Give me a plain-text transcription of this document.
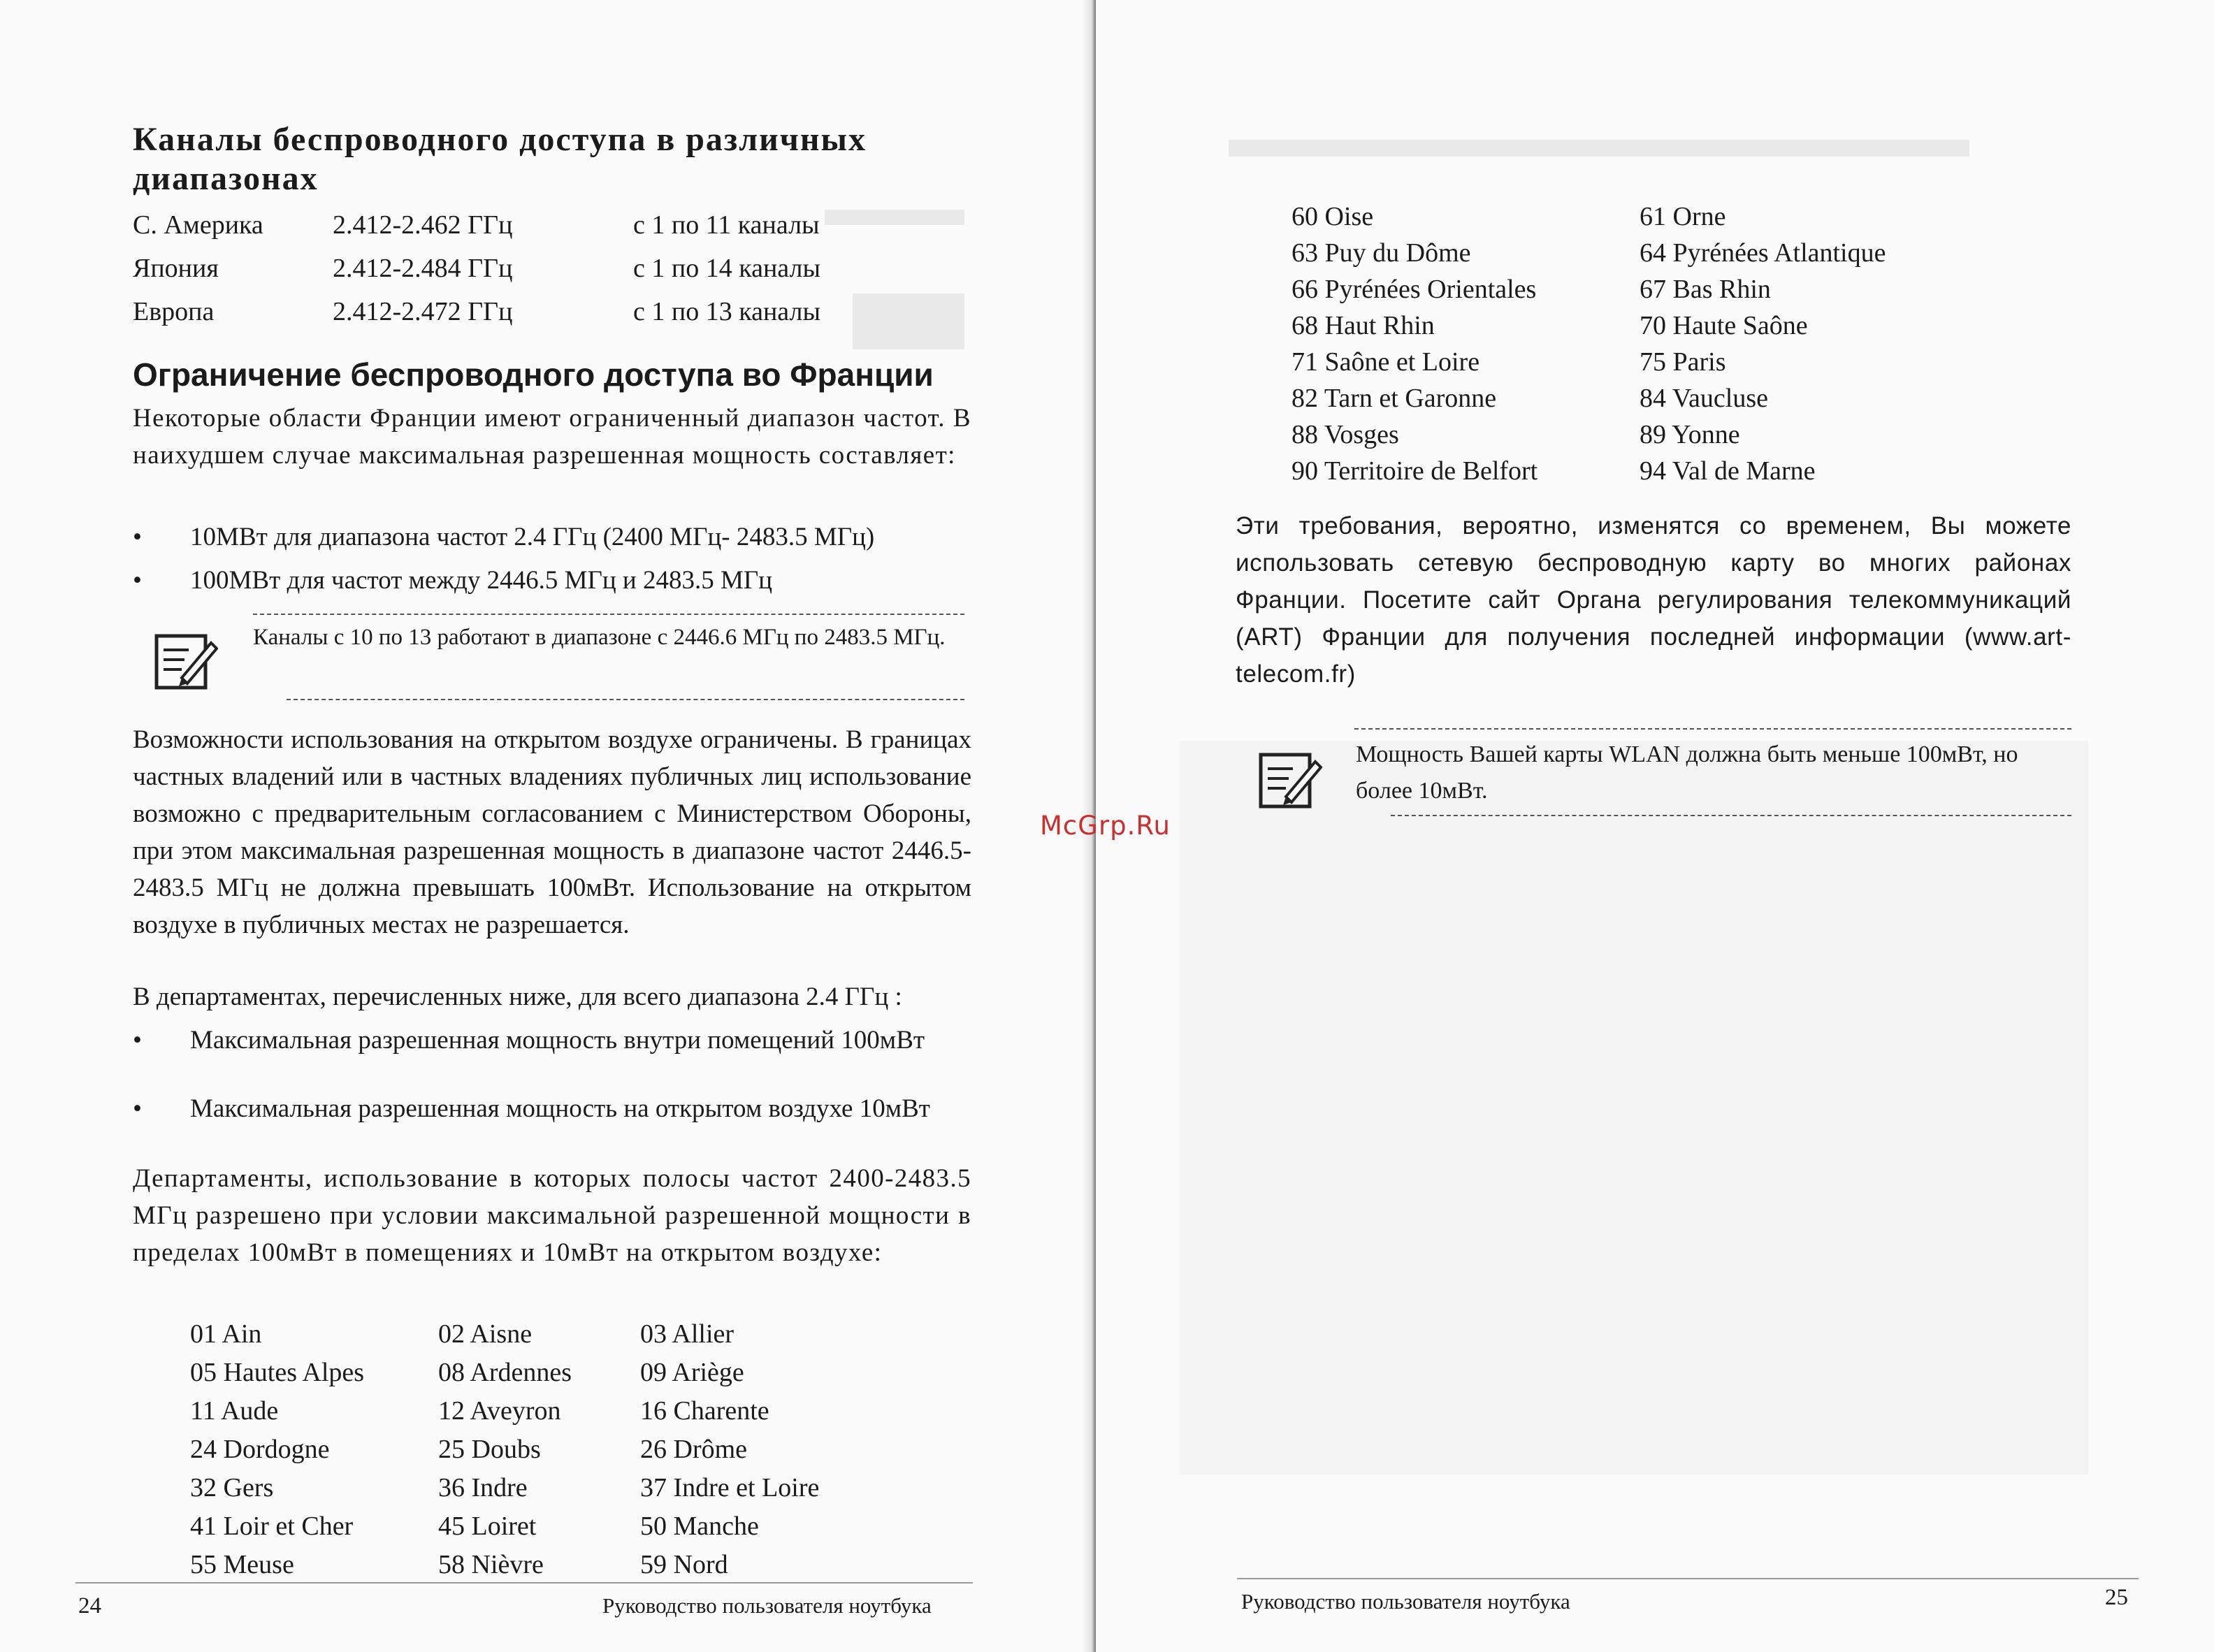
Каналы беспроводного доступа в различных диапазонах
С. Америка	2.412-2.462 ГГц	с 1 по 11 каналы
Япония	2.412-2.484 ГГц	с 1 по 14 каналы
Европа	2.412-2.472 ГГц	с 1 по 13 каналы
Ограничение беспроводного доступа во Франции

Некоторые области Франции имеют ограниченный диапазон частот. В наихудшем случае максимальная разрешенная мощность составляет:

• 10МВт для диапазона частот 2.4 ГГц (2400 МГц- 2483.5 МГц)
• 100МВт для частот между 2446.5 МГц и 2483.5 МГц
Каналы с 10 по 13 работают в диапазоне с 2446.6 МГц по 2483.5 МГц.

Возможности использования на открытом воздухе ограничены. В границах частных владений или в частных владениях публичных лиц использование возможно с предварительным согласованием с Министерством Обороны, при этом максимальная разрешенная мощность в диапазоне частот 2446.5- 2483.5 МГц не должна превышать 100мВт. Использование на открытом воздухе в публичных местах не разрешается.

В департаментах, перечисленных ниже, для всего диапазона 2.4 ГГц :

• Максимальная разрешенная мощность внутри помещений 100мВт
• Максимальная разрешенная мощность на открытом воздухе 10мВт

Департаменты, использование в которых полосы частот 2400-2483.5 МГц разрешено при условии максимальной разрешенной мощности в пределах 100мВт в помещениях и 10мВт на открытом воздухе:

01 Ain	02 Aisne	03 Allier
05 Hautes Alpes	08 Ardennes	09 Ariège
11 Aude	12 Aveyron	16 Charente
24 Dordogne	25 Doubs	26 Drôme
32 Gers	36 Indre	37 Indre et Loire
41 Loir et Cher	45 Loiret	50 Manche
55 Meuse	58 Nièvre	59 Nord
24	Руководство пользователя ноутбука
60 Oise	61 Orne
63 Puy du Dôme	64 Pyrénées Atlantique
66 Pyrénées Orientales	67 Bas Rhin
68 Haut Rhin	70 Haute Saône
71 Saône et Loire	75 Paris
82 Tarn et Garonne	84 Vaucluse
88 Vosges	89 Yonne
90 Territoire de Belfort	94 Val de Marne

Эти требования, вероятно, изменятся со временем, Вы можете использовать сетевую беспроводную карту во многих районах Франции. Посетите сайт Органа регулирования телекоммуникаций (ART) Франции для получения последней информации (www.art-telecom.fr)

Мощность Вашей карты WLAN должна быть меньше 100мВт, но более 10мВт.
McGrp.Ru
Руководство пользователя ноутбука	25
